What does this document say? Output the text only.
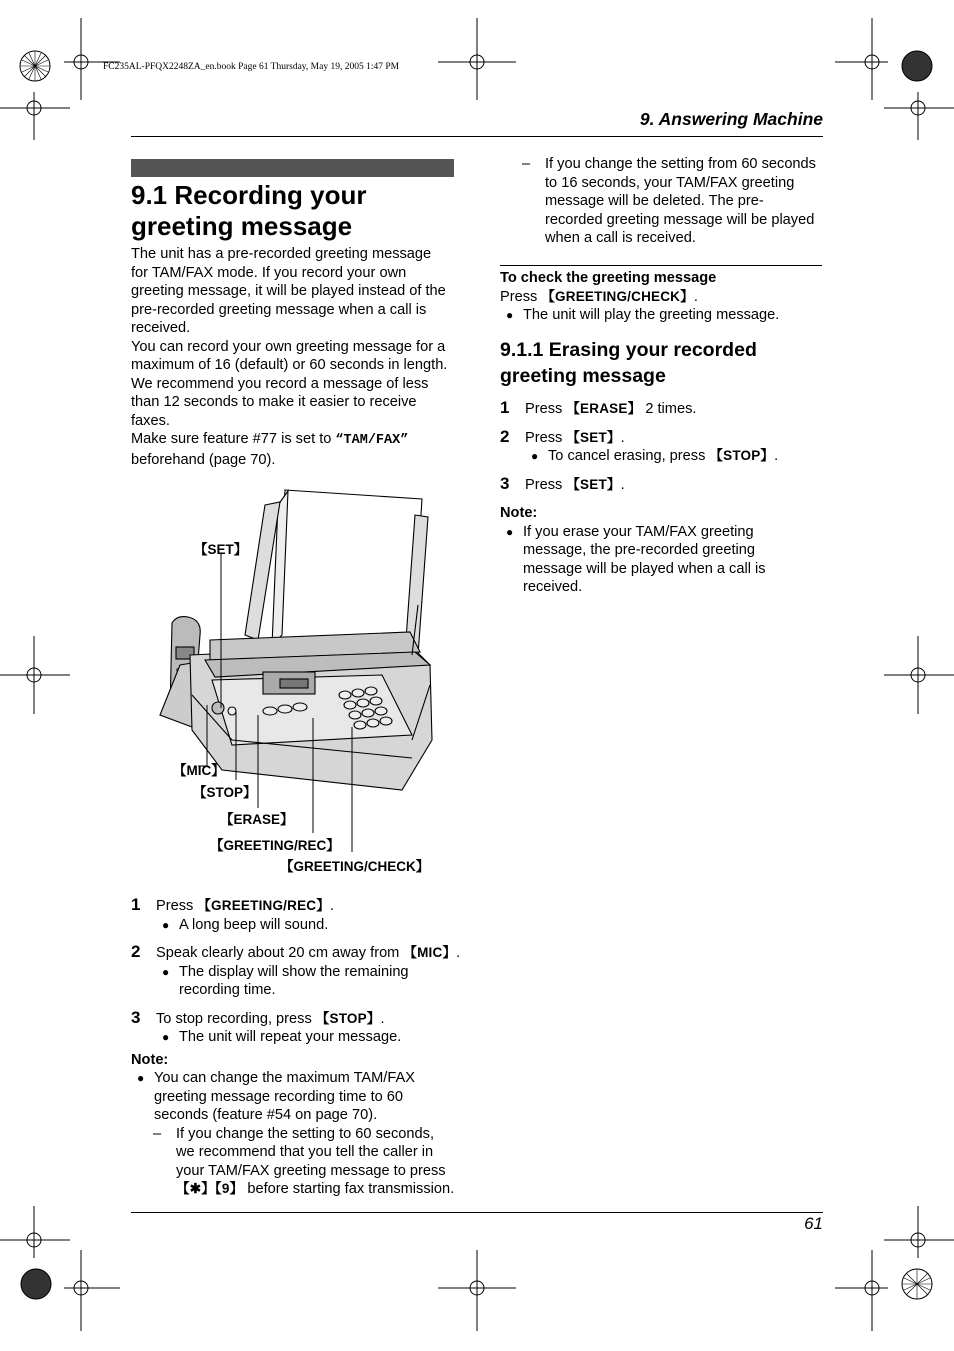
FC235AL-PFQX2248ZA_en.book Page 61 Thursday, May 19, 2005 1:47 PM
9. Answering Machine
9.1 Recording your
greeting message

The unit has a pre-recorded greeting message

for TAM/FAX mode. If you record your own

greeting message, it will be played instead of the

pre-recorded greeting message when a call is

received.

You can record your own greeting message for a

maximum of 16 (default) or 60 seconds in length.

We recommend you record a message of less

than 12 seconds to make it easier to receive

faxes.

Make sure feature #77 is set to “TAM/FAX”

beforehand (page 70).

【SET】
【MIC】
【STOP】
【ERASE】
【GREETING/REC】
【GREETING/CHECK】
1 Press 【GREETING/REC】.
● A long beep will sound.
2 Speak clearly about 20 cm away from 【MIC】.
● The display will show the remaining
recording time.
3 To stop recording, press 【STOP】.
● The unit will repeat your message.
Note:
● You can change the maximum TAM/FAX
greeting message recording time to 60
seconds (feature #54 on page 70).
– If you change the setting to 60 seconds,
we recommend that you tell the caller in
your TAM/FAX greeting message to press
【✱】【9】 before starting fax transmission.
– If you change the setting from 60 seconds
to 16 seconds, your TAM/FAX greeting
message will be deleted. The pre-
recorded greeting message will be played
when a call is received.
To check the greeting message
Press 【GREETING/CHECK】.
● The unit will play the greeting message.
9.1.1 Erasing your recorded
greeting message
1 Press 【ERASE】 2 times.
2 Press 【SET】.
● To cancel erasing, press 【STOP】.
3 Press 【SET】.
Note:
● If you erase your TAM/FAX greeting
message, the pre-recorded greeting
message will be played when a call is
received.
61
